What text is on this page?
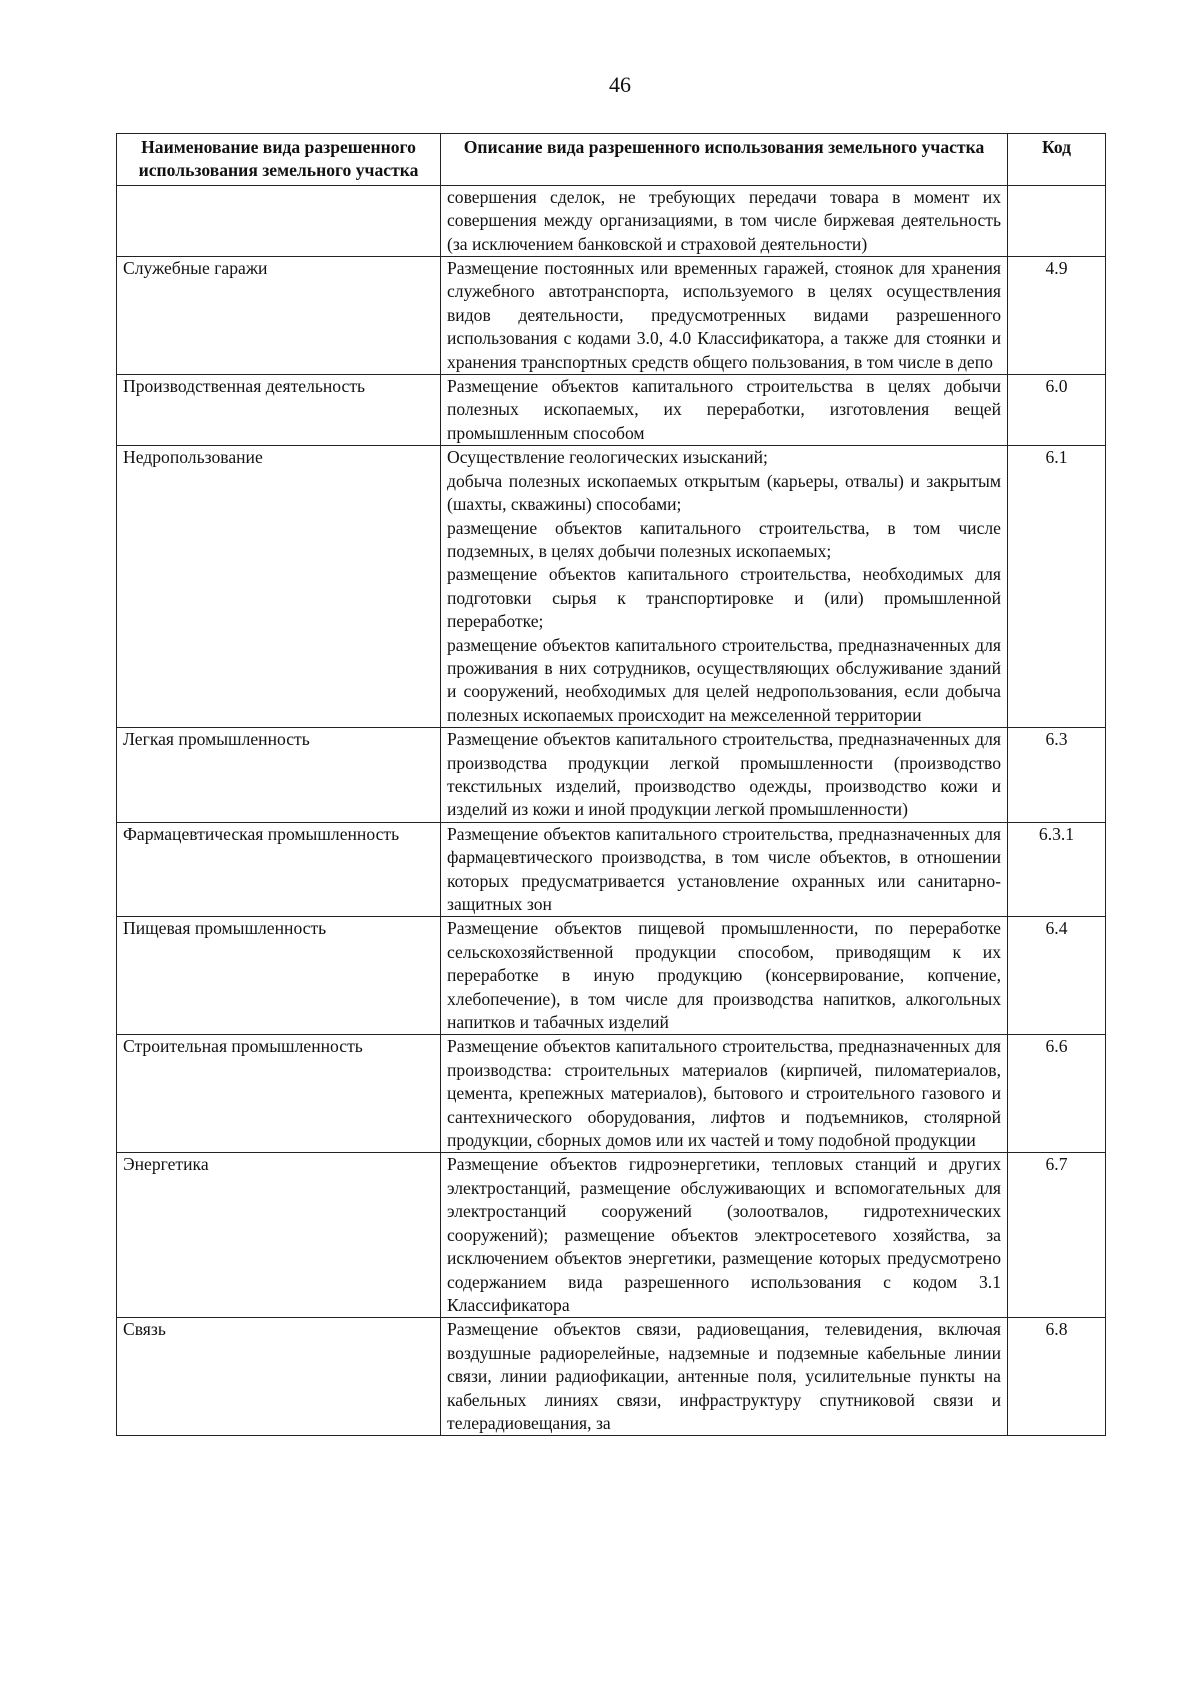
46
Наименование вида разрешенного использования земельного участка	Описание вида разрешенного использования земельного участка	Код

	совершения сделок, не требующих передачи товара в момент их совершения между организациями, в том числе биржевая деятельность (за исключением банковской и страховой деятельности)	

Служебные гаражи	Размещение постоянных или временных гаражей, стоянок для хранения служебного автотранспорта, используемого в целях осуществления видов деятельности, предусмотренных видами разрешенного использования с кодами 3.0, 4.0 Классификатора, а также для стоянки и хранения транспортных средств общего пользования, в том числе в депо	4.9
Производственная деятельность	Размещение объектов капитального строительства в целях добычи полезных ископаемых, их переработки, изготовления вещей промышленным способом	6.0
Недропользование	Осуществление геологических изысканий;

добыча полезных ископаемых открытым (карьеры, отвалы) и закрытым (шахты, скважины) способами;

размещение объектов капитального строительства, в том числе подземных, в целях добычи полезных ископаемых;

размещение объектов капитального строительства, необходимых для подготовки сырья к транспортировке и (или) промышленной переработке;

размещение объектов капитального строительства, предназначенных для проживания в них сотрудников, осуществляющих обслуживание зданий и сооружений, необходимых для целей недропользования, если добыча полезных ископаемых происходит на межселенной территории	6.1
Легкая промышленность	Размещение объектов капитального строительства, предназначенных для производства продукции легкой промышленности (производство текстильных изделий, производство одежды, производство кожи и изделий из кожи и иной продукции легкой промышленности)	6.3
Фармацевтическая промышленность	Размещение объектов капитального строительства, предназначенных для фармацевтического производства, в том числе объектов, в отношении которых предусматривается установление охранных или санитарно-защитных зон	6.3.1
Пищевая промышленность	Размещение объектов пищевой промышленности, по переработке сельскохозяйственной продукции способом, приводящим к их переработке в иную продукцию (консервирование, копчение, хлебопечение), в том числе для производства напитков, алкогольных напитков и табачных изделий	6.4
Строительная промышленность	Размещение объектов капитального строительства, предназначенных для производства: строительных материалов (кирпичей, пиломатериалов, цемента, крепежных материалов), бытового и строительного газового и сантехнического оборудования, лифтов и подъемников, столярной продукции, сборных домов или их частей и тому подобной продукции	6.6
Энергетика	Размещение объектов гидроэнергетики, тепловых станций и других электростанций, размещение обслуживающих и вспомогательных для электростанций сооружений (золоотвалов, гидротехнических сооружений); размещение объектов электросетевого хозяйства, за исключением объектов энергетики, размещение которых предусмотрено содержанием вида разрешенного использования с кодом 3.1 Классификатора	6.7
Связь	Размещение объектов связи, радиовещания, телевидения, включая воздушные радиорелейные, надземные и подземные кабельные линии связи, линии радиофикации, антенные поля, усилительные пункты на кабельных линиях связи, инфраструктуру спутниковой связи и телерадиовещания, за	6.8
